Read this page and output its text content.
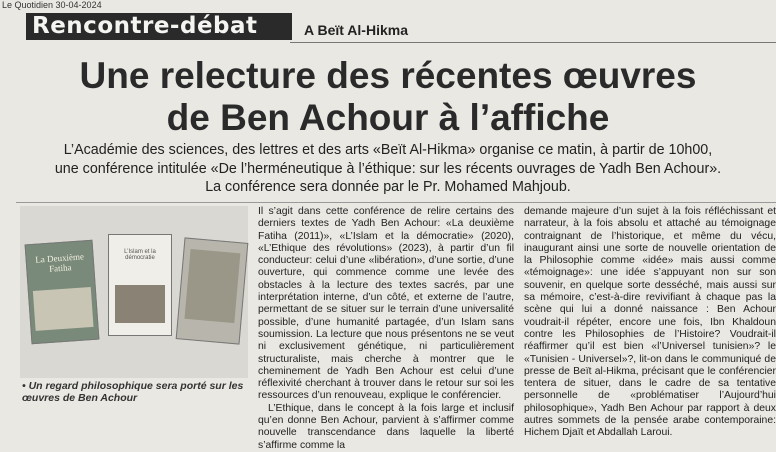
Le Quotidien 30-04-2024
Rencontre-débat	A Beït Al-Hikma
Une relecture des récentes œuvres
de Ben Achour à l’affiche
L’Académie des sciences, des lettres et des arts «Beït Al-Hikma» organise ce matin, à partir de 10h00,
une conférence intitulée «De l’herméneutique à l’éthique: sur les récents ouvrages de Yadh Ben Achour».
La conférence sera donnée par le Pr. Mohamed Mahjoub.
La Deuxième Fatiha
L’Islam et la démocratie
• Un regard philosophique sera porté sur les œuvres de Ben Achour

Il s’agit dans cette conférence de relire certains des derniers textes de Yadh Ben Achour: «La deuxième Fatiha (2011)», «L’Islam et la démocratie» (2020), «L’Ethique des révolutions» (2023), à partir d’un fil conducteur: celui d’une «libération», d’une sortie, d’une ouverture, qui commence comme une levée des obstacles à la lecture des textes sacrés, par une interprétation interne, d’un côté, et externe de l’autre, permettant de se situer sur le terrain d’une universalité possible, d’une humanité partagée, d’un Islam sans soumission. La lecture que nous présentons ne se veut ni exclusivement génétique, ni particulièrement structuraliste, mais cherche à montrer que le cheminement de Yadh Ben Achour est celui d’une réflexivité cherchant à trouver dans le retour sur soi les ressources d’un renouveau, explique le conférencier.

L’Ethique, dans le concept à la fois large et inclusif qu’en donne Ben Achour, parvient à s’affirmer comme nouvelle transcendance dans laquelle la liberté s’affirme comme la

demande majeure d’un sujet à la fois réfléchissant et narrateur, à la fois absolu et attaché au témoignage contraignant de l’historique, et même du vécu, inaugurant ainsi une sorte de nouvelle orientation de la Philosophie comme «idée» mais aussi comme «témoignage»: une idée s’appuyant non sur son souvenir, en quelque sorte desséché, mais aussi sur sa mémoire, c’est-à-dire revivifiant à chaque pas la scène qui lui a donné naissance : Ben Achour voudrait-il répéter, encore une fois, Ibn Khaldoun contre les Philosophies de l’Histoire? Voudrait-il réaffirmer qu’il est bien «l’Universel tunisien»? le «Tunisien - Universel»?, lit-on dans le communiqué de presse de Beït al-Hikma, précisant que le conférencier tentera de situer, dans le cadre de sa tentative personnelle de «problématiser l’Aujourd’hui philosophique», Yadh Ben Achour par rapport à deux autres sommets de la pensée arabe contemporaine: Hichem Djaït et Abdallah Laroui.
